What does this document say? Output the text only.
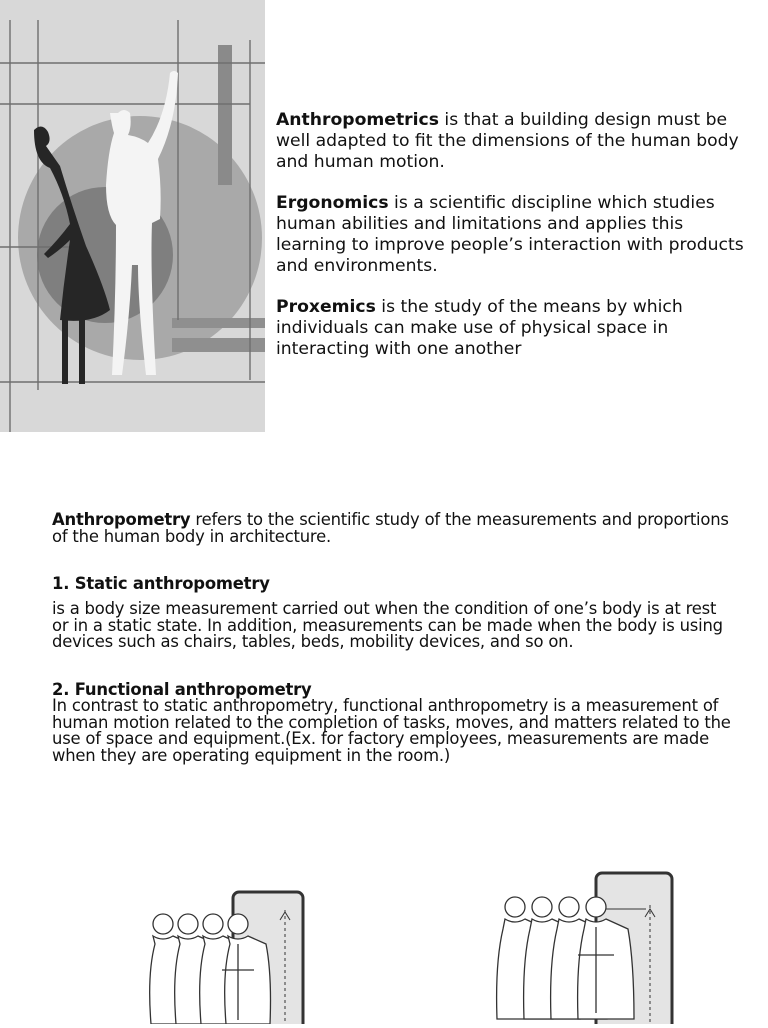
Anthropometrics is that a building design must be well adapted to fit the dimensions of the human body and human motion.

Ergonomics is a scientific discipline which studies human abilities and limitations and applies this learning to improve people’s interaction with products and environments.

Proxemics is the study of the means by which individuals can make use of physical space in interacting with one another

Anthropometry refers to the scientific study of the measurements and proportions of the human body in architecture.
1. Static anthropometry
is a body size measurement carried out when the condition of one’s body is at rest or in a static state. In addition, measurements can be made when the body is using devices such as chairs, tables, beds, mobility devices, and so on.
2. Functional anthropometry
In contrast to static anthropometry, functional anthropometry is a measurement of human motion related to the completion of tasks, moves, and matters related to the use of space and equipment.(Ex. for factory employees, measurements are made when they are operating equipment in the room.)
